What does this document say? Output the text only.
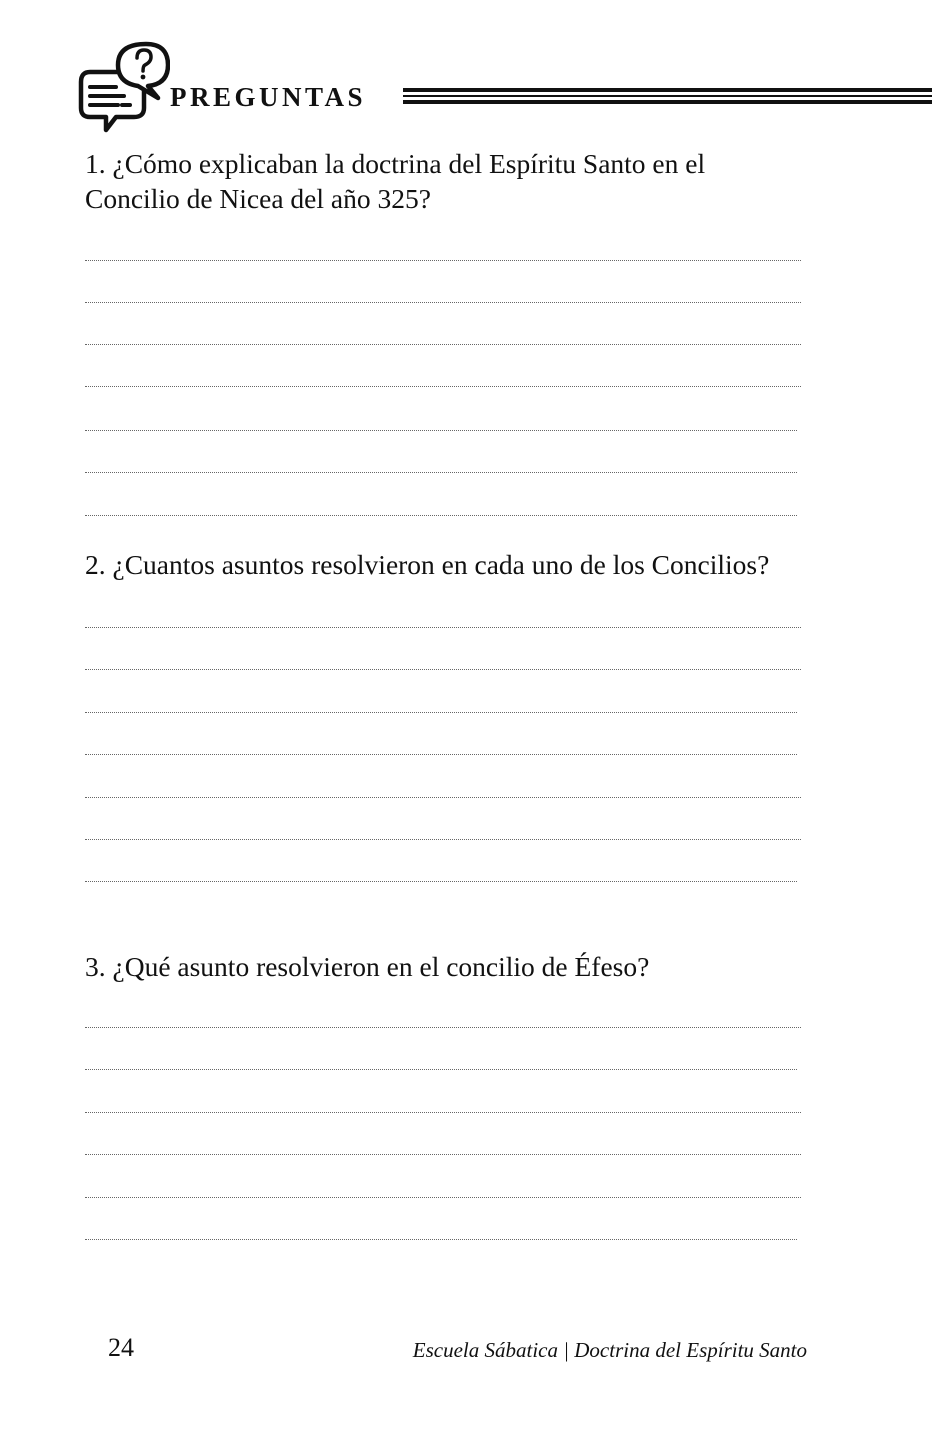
PREGUNTAS
1. ¿Cómo explicaban la doctrina del Espíritu Santo en el Concilio de Nicea del año 325?
2. ¿Cuantos asuntos resolvieron en cada uno de los Concilios?
3. ¿Qué asunto resolvieron en el concilio de Éfeso?
24	Escuela Sábatica | Doctrina del Espíritu Santo
